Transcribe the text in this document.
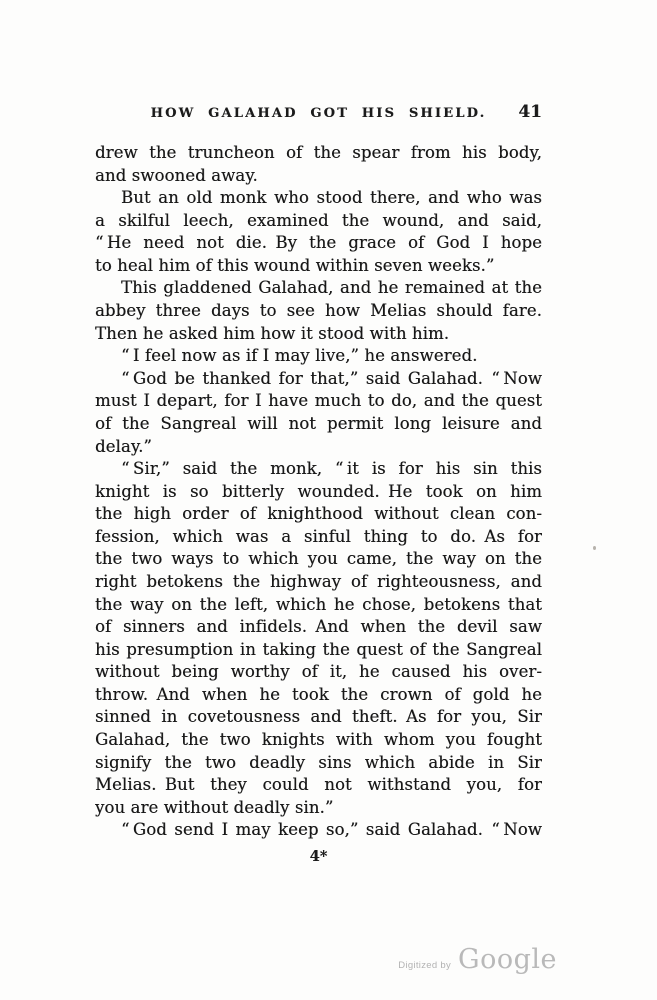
HOW GALAHAD GOT HIS SHIELD.	41
drew the truncheon of the spear from his body,
and swooned away.
But an old monk who stood there, and who was
a skilful leech, examined the wound, and said,
“ He need not die. By the grace of God I hope
to heal him of this wound within seven weeks.”
This gladdened Galahad, and he remained at the
abbey three days to see how Melias should fare.
Then he asked him how it stood with him.
“ I feel now as if I may live,” he answered.
“ God be thanked for that,” said Galahad. “ Now
must I depart, for I have much to do, and the quest
of the Sangreal will not permit long leisure and
delay.”
“ Sir,” said the monk, “ it is for his sin this
knight is so bitterly wounded. He took on him
the high order of knighthood without clean con-
fession, which was a sinful thing to do. As for
the two ways to which you came, the way on the
right betokens the highway of righteousness, and
the way on the left, which he chose, betokens that
of sinners and infidels. And when the devil saw
his presumption in taking the quest of the Sangreal
without being worthy of it, he caused his over-
throw. And when he took the crown of gold he
sinned in covetousness and theft. As for you, Sir
Galahad, the two knights with whom you fought
signify the two deadly sins which abide in Sir
Melias. But they could not withstand you, for
you are without deadly sin.”
“ God send I may keep so,” said Galahad. “ Now
4*
Digitized by Google
